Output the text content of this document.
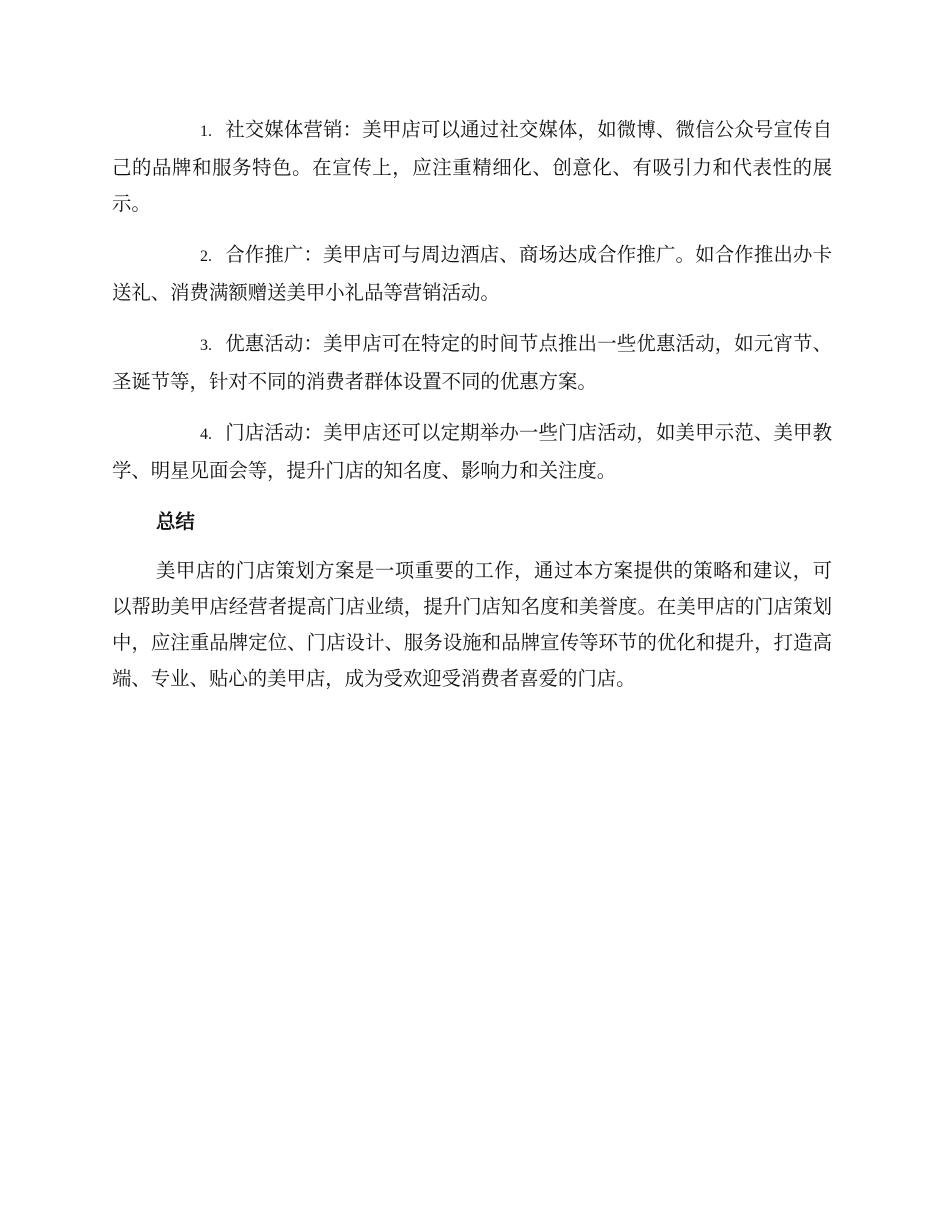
1. 社交媒体营销：美甲店可以通过社交媒体，如微博、微信公众号宣传自己的品牌和服务特色。在宣传上，应注重精细化、创意化、有吸引力和代表性的展示。

2. 合作推广：美甲店可与周边酒店、商场达成合作推广。如合作推出办卡送礼、消费满额赠送美甲小礼品等营销活动。

3. 优惠活动：美甲店可在特定的时间节点推出一些优惠活动，如元宵节、圣诞节等，针对不同的消费者群体设置不同的优惠方案。

4. 门店活动：美甲店还可以定期举办一些门店活动，如美甲示范、美甲教学、明星见面会等，提升门店的知名度、影响力和关注度。

总结

美甲店的门店策划方案是一项重要的工作，通过本方案提供的策略和建议，可以帮助美甲店经营者提高门店业绩，提升门店知名度和美誉度。在美甲店的门店策划中，应注重品牌定位、门店设计、服务设施和品牌宣传等环节的优化和提升，打造高端、专业、贴心的美甲店，成为受欢迎受消费者喜爱的门店。
